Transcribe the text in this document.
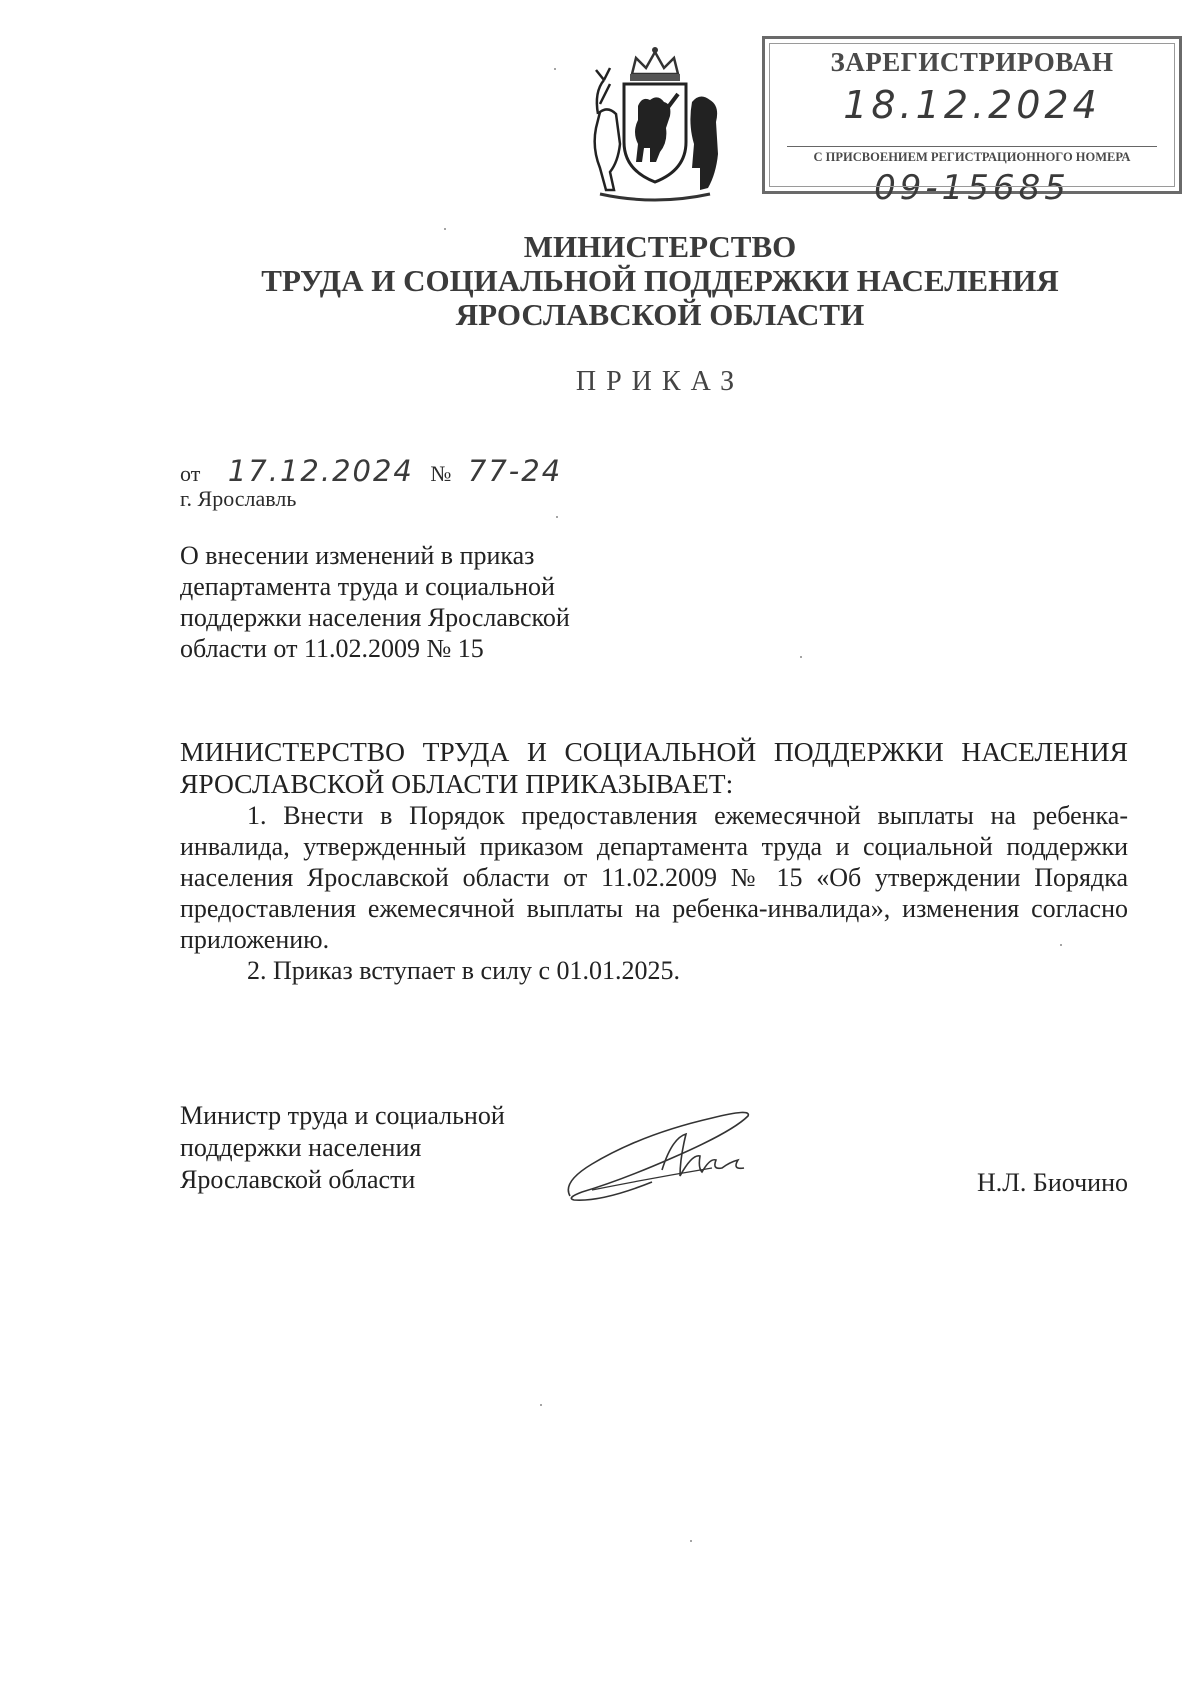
ЗАРЕГИСТРИРОВАН
18.12.2024
С ПРИСВОЕНИЕМ РЕГИСТРАЦИОННОГО НОМЕРА
09-15685
МИНИСТЕРСТВО
ТРУДА И СОЦИАЛЬНОЙ ПОДДЕРЖКИ НАСЕЛЕНИЯ
ЯРОСЛАВСКОЙ ОБЛАСТИ
ПРИКАЗ
от 17.12.2024 № 77-24
г. Ярославль
О внесении изменений в приказ
департамента труда и социальной
поддержки населения Ярославской
области от 11.02.2009 № 15
МИНИСТЕРСТВО ТРУДА И СОЦИАЛЬНОЙ ПОДДЕРЖКИ НАСЕЛЕНИЯ
ЯРОСЛАВСКОЙ ОБЛАСТИ ПРИКАЗЫВАЕТ:
1. Внести в Порядок предоставления ежемесячной выплаты на ребенка-инвалида, утвержденный приказом департамента труда и социальной поддержки населения Ярославской области от 11.02.2009 № 15 «Об утверждении Порядка предоставления ежемесячной выплаты на ребенка-инвалида», изменения согласно приложению.
2. Приказ вступает в силу с 01.01.2025.
Министр труда и социальной
поддержки населения
Ярославской области	Н.Л. Биочино
